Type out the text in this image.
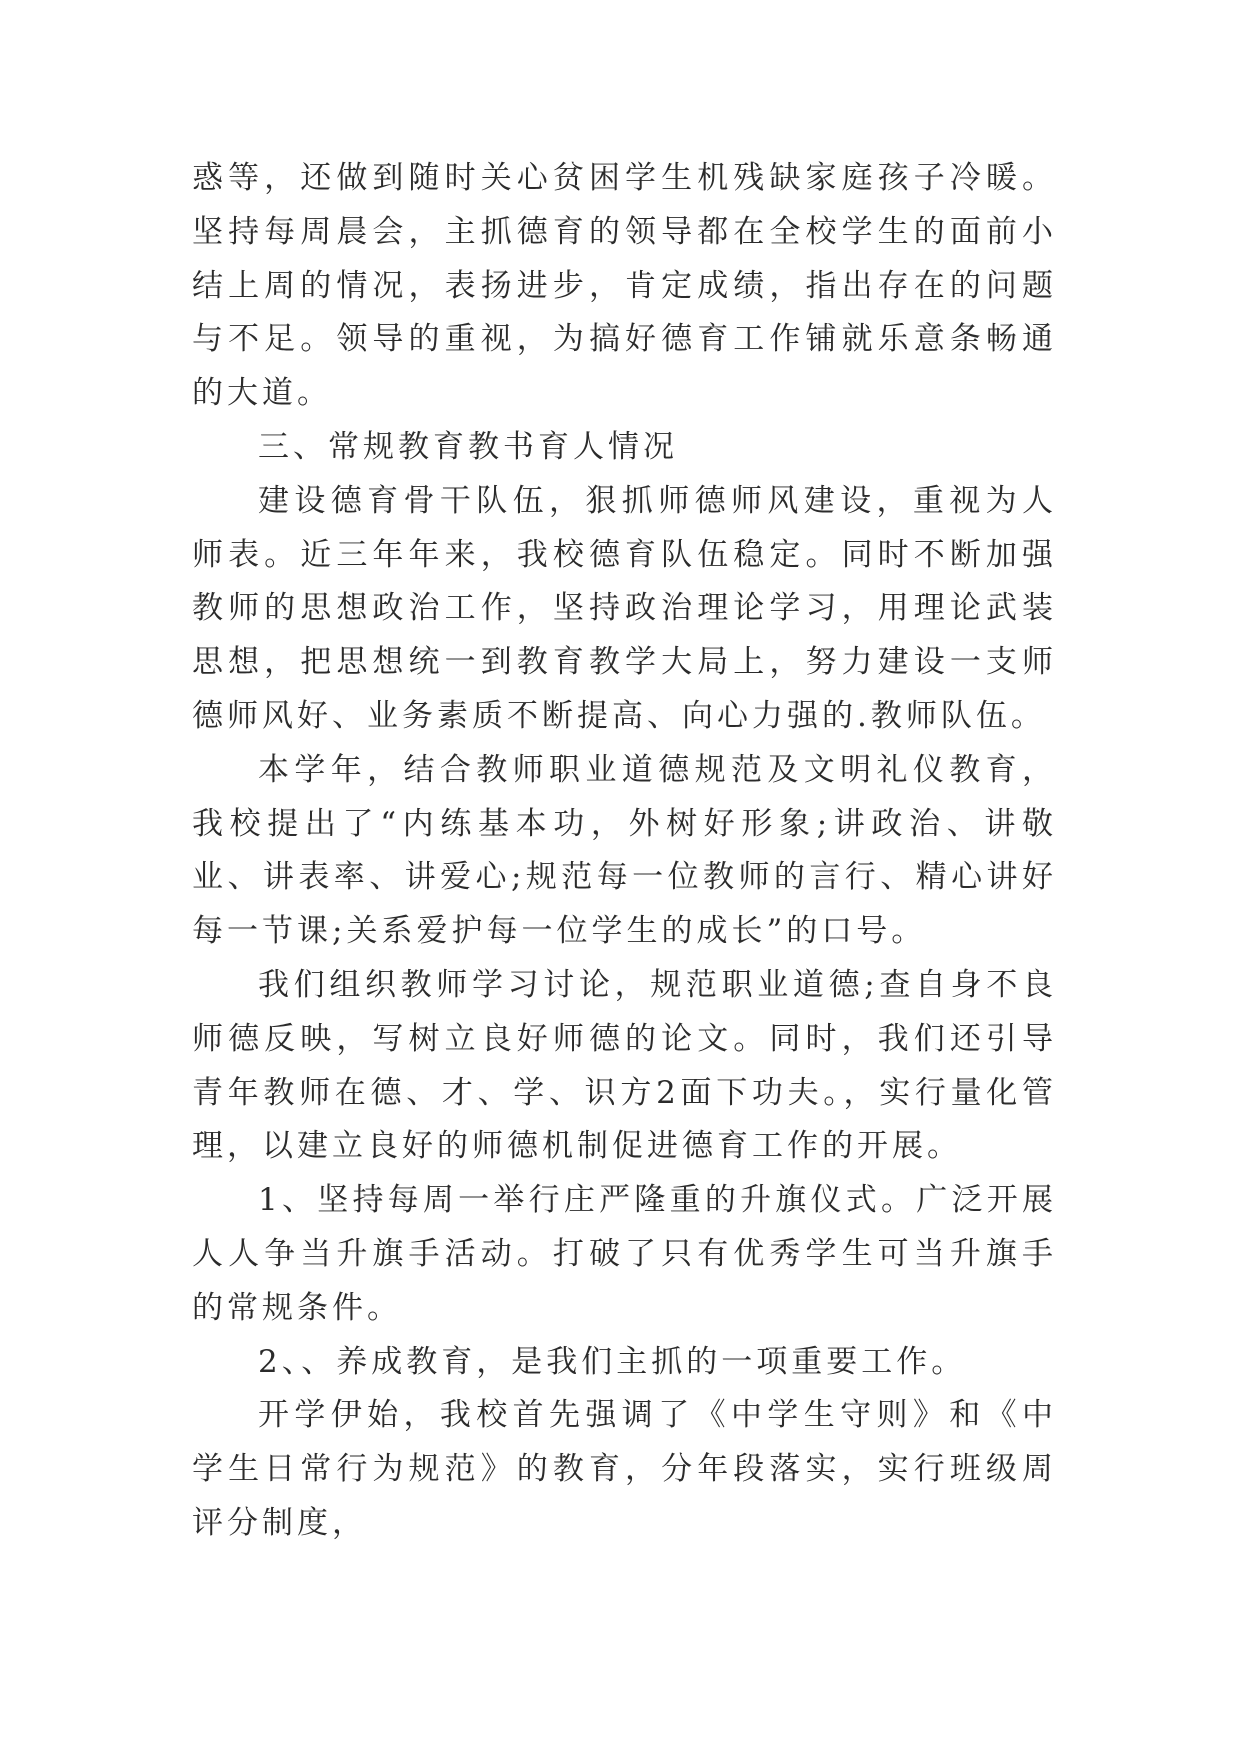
惑等，还做到随时关心贫困学生机残缺家庭孩子冷暖。坚持每周晨会，主抓德育的领导都在全校学生的面前小结上周的情况，表扬进步，肯定成绩，指出存在的问题与不足。领导的重视，为搞好德育工作铺就乐意条畅通的大道。

三、常规教育教书育人情况

建设德育骨干队伍，狠抓师德师风建设，重视为人师表。近三年年来，我校德育队伍稳定。同时不断加强教师的思想政治工作，坚持政治理论学习，用理论武装思想，把思想统一到教育教学大局上，努力建设一支师德师风好、业务素质不断提高、向心力强的.教师队伍。

本学年，结合教师职业道德规范及文明礼仪教育，我校提出了“内练基本功，外树好形象;讲政治、讲敬业、讲表率、讲爱心;规范每一位教师的言行、精心讲好每一节课;关系爱护每一位学生的成长”的口号。

我们组织教师学习讨论，规范职业道德;查自身不良师德反映，写树立良好师德的论文。同时，我们还引导青年教师在德、才、学、识方2面下功夫。，实行量化管理，以建立良好的师德机制促进德育工作的开展。

1、坚持每周一举行庄严隆重的升旗仪式。广泛开展人人争当升旗手活动。打破了只有优秀学生可当升旗手的常规条件。

2、、养成教育，是我们主抓的一项重要工作。

开学伊始，我校首先强调了《中学生守则》和《中学生日常行为规范》的教育，分年段落实，实行班级周评分制度，
